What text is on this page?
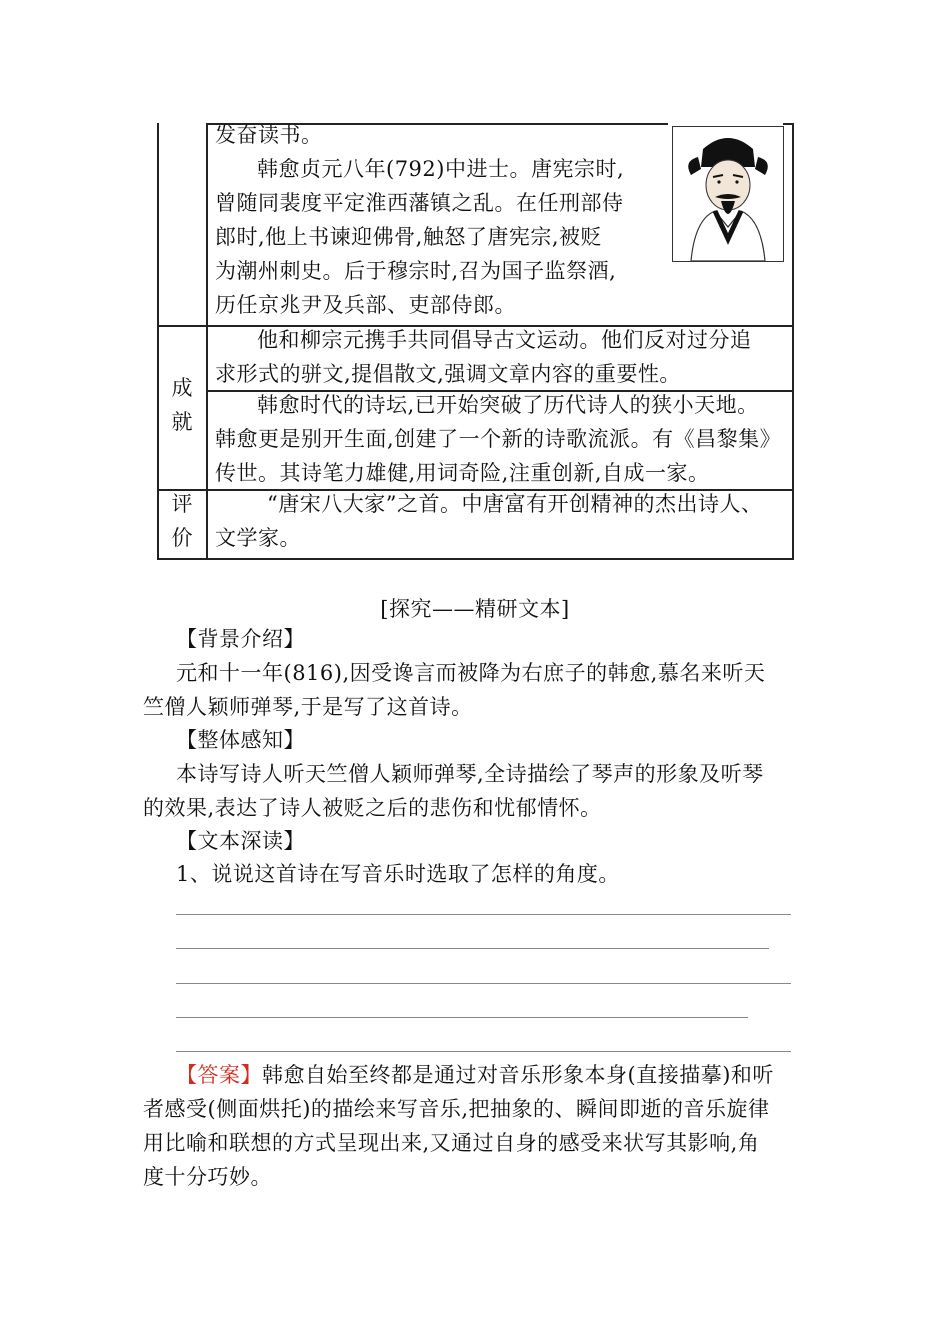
发奋读书。
韩愈贞元八年(792)中进士。唐宪宗时,
曾随同裴度平定淮西藩镇之乱。在任刑部侍
郎时,他上书谏迎佛骨,触怒了唐宪宗,被贬
为潮州刺史。后于穆宗时,召为国子监祭酒,
历任京兆尹及兵部、吏部侍郎。
成
就
他和柳宗元携手共同倡导古文运动。他们反对过分追
求形式的骈文,提倡散文,强调文章内容的重要性。
韩愈时代的诗坛,已开始突破了历代诗人的狭小天地。
韩愈更是别开生面,创建了一个新的诗歌流派。有《昌黎集》
传世。其诗笔力雄健,用词奇险,注重创新,自成一家。
评
价
“唐宋八大家”之首。中唐富有开创精神的杰出诗人、
文学家。
[探究——精研文本]
【背景介绍】
元和十一年(816),因受谗言而被降为右庶子的韩愈,慕名来听天
竺僧人颖师弹琴,于是写了这首诗。
【整体感知】
本诗写诗人听天竺僧人颖师弹琴,全诗描绘了琴声的形象及听琴
的效果,表达了诗人被贬之后的悲伤和忧郁情怀。
【文本深读】
1、说说这首诗在写音乐时选取了怎样的角度。
【答案】韩愈自始至终都是通过对音乐形象本身(直接描摹)和听
者感受(侧面烘托)的描绘来写音乐,把抽象的、瞬间即逝的音乐旋律
用比喻和联想的方式呈现出来,又通过自身的感受来状写其影响,角
度十分巧妙。
